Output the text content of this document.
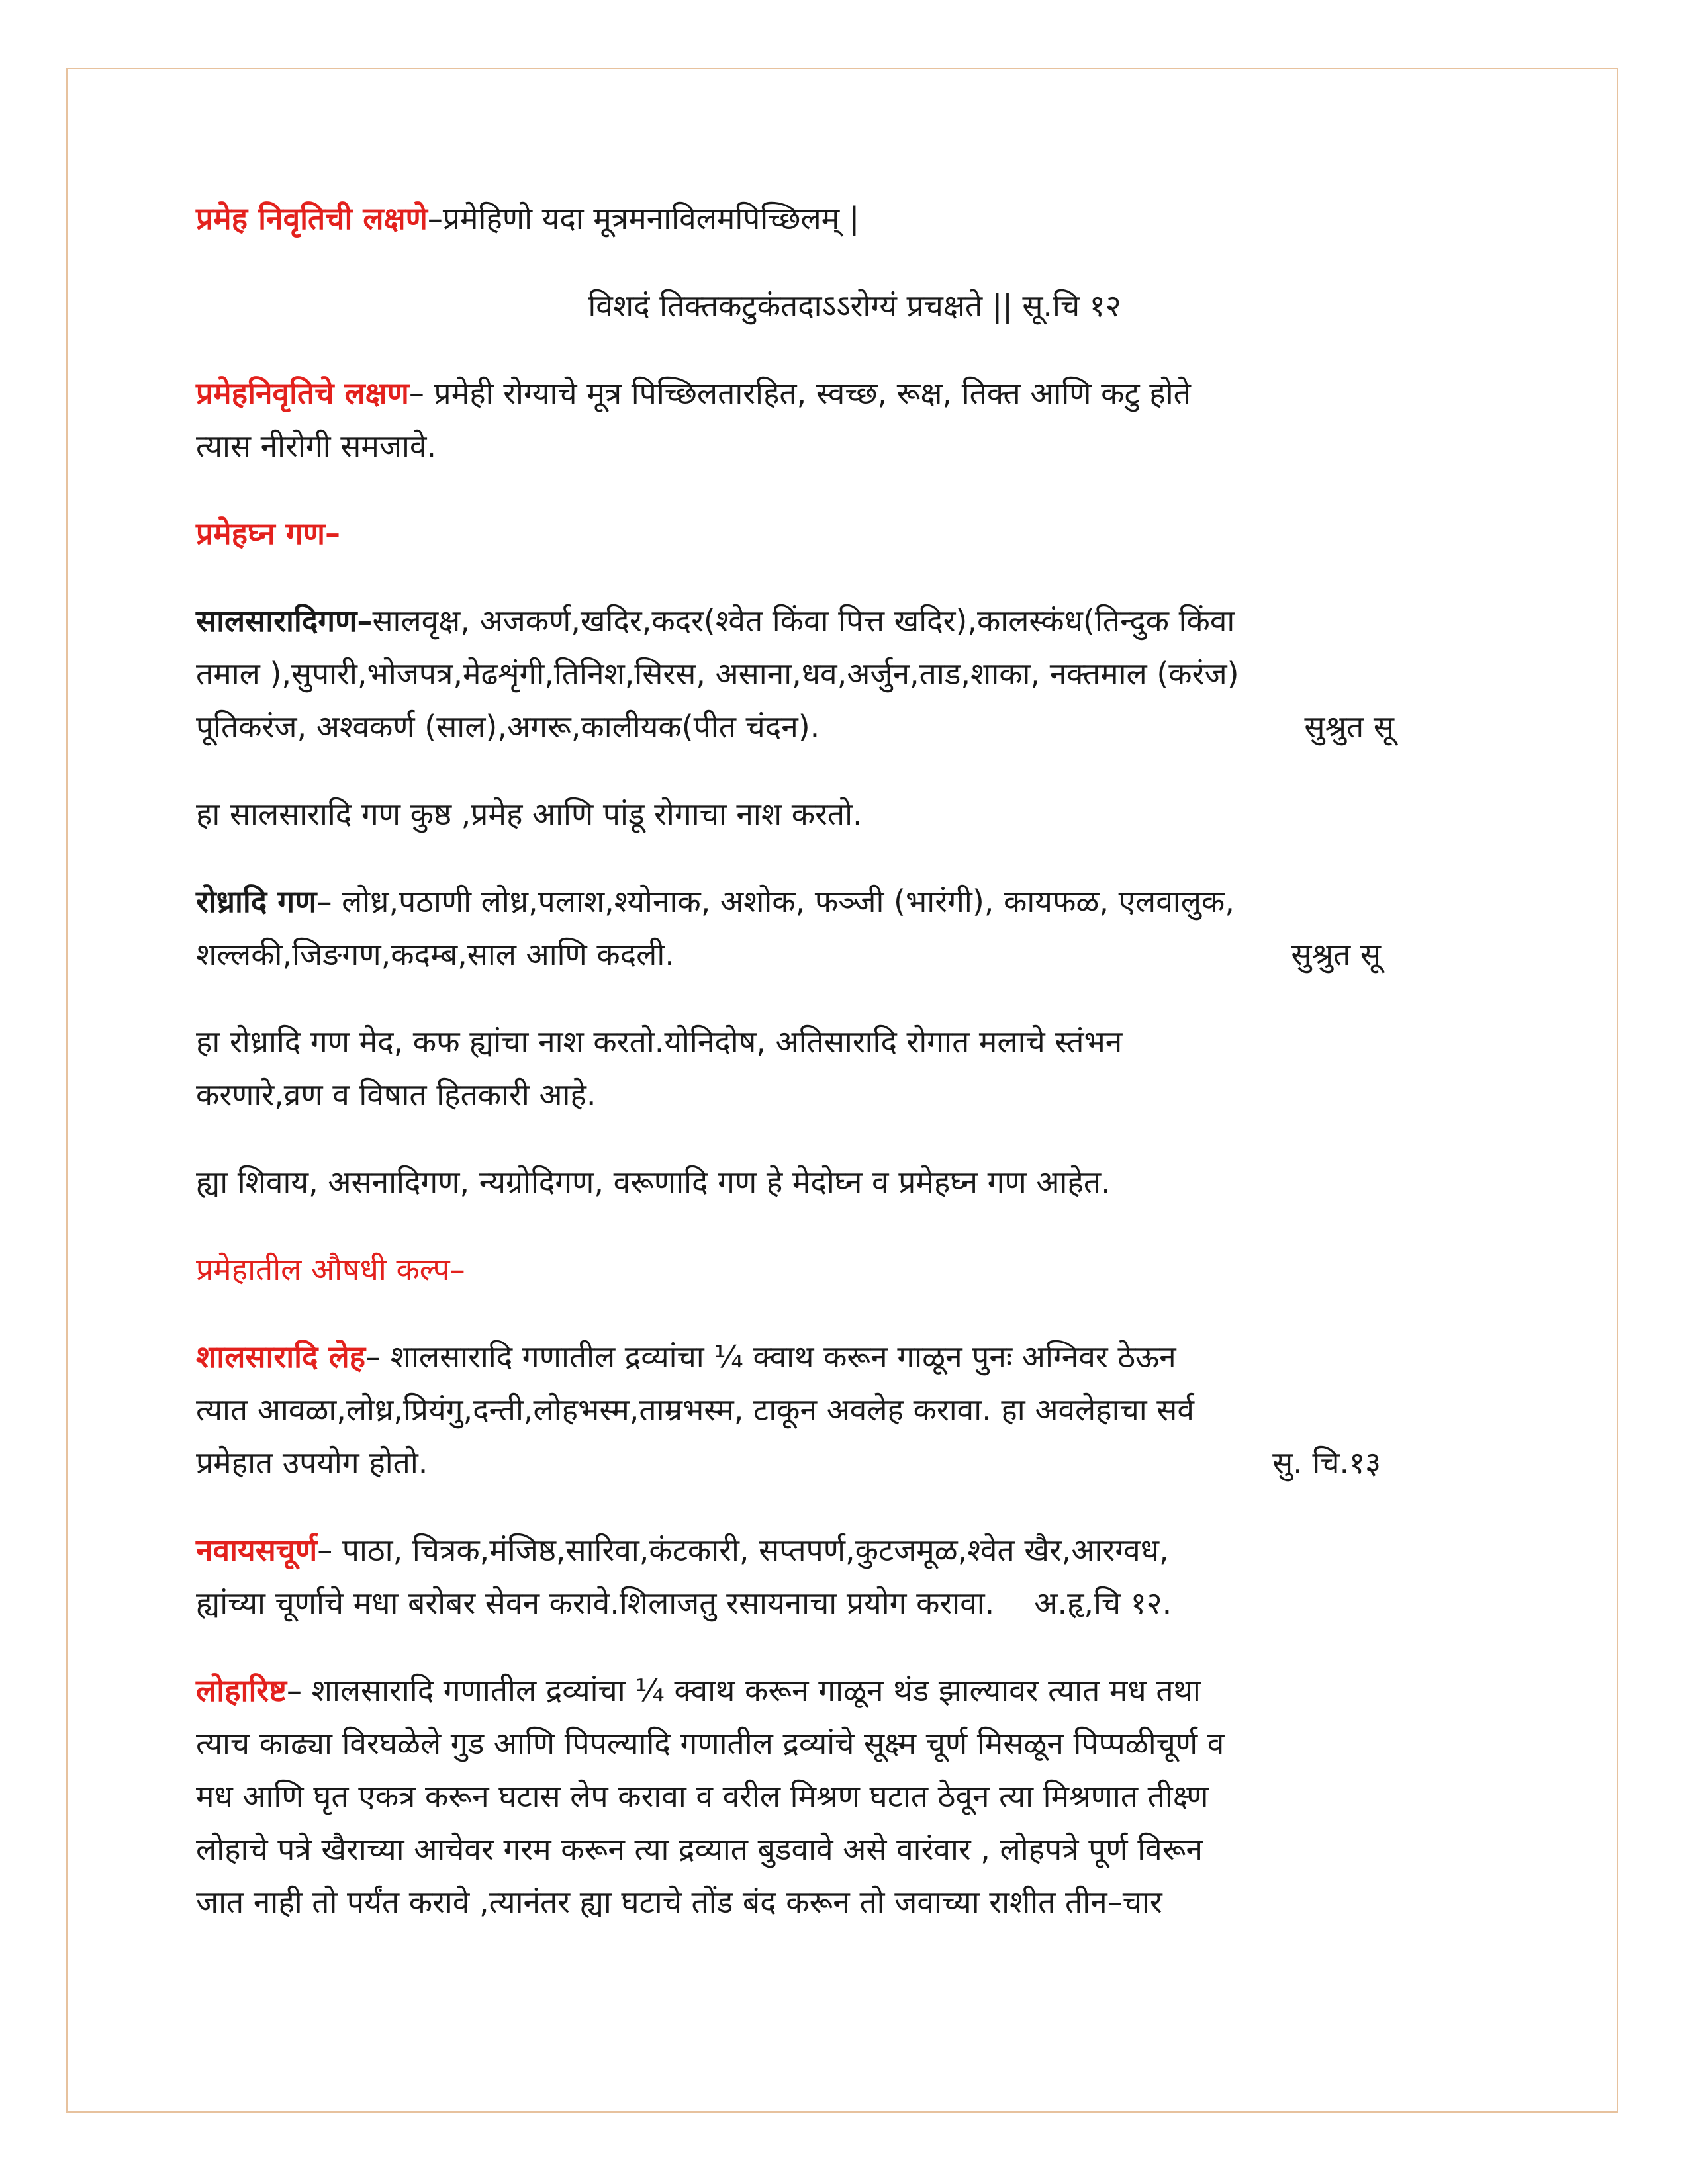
प्रमेह निवृतिची लक्षणे–प्रमेहिणो यदा मूत्रमनाविलमपिच्छिलम् |

विशदं तिक्तकटुकंतदाऽऽरोग्यं प्रचक्षते || सू.चि १२

प्रमेहनिवृतिचे लक्षण– प्रमेही रोग्याचे मूत्र पिच्छिलतारहित, स्वच्छ, रूक्ष, तिक्त आणि कटु होते
त्यास नीरोगी समजावे.

प्रमेहघ्न गण–

सालसारादिगण–सालवृक्ष, अजकर्ण,खदिर,कदर(श्वेत किंवा पित्त खदिर),कालस्कंध(तिन्दुक किंवा
तमाल ),सुपारी,भोजपत्र,मेढशृंगी,तिनिश,सिरस, असाना,धव,अर्जुन,ताड,शाका, नक्तमाल (करंज)
पूतिकरंज, अश्वकर्ण (साल),अगरू,कालीयक(पीत चंदन).	सुश्रुत सू

हा सालसारादि गण कुष्ठ ,प्रमेह आणि पांडू रोगाचा नाश करतो.

रोध्रादि गण– लोध्र,पठाणी लोध्र,पलाश,श्योनाक, अशोक, फञ्जी (भारंगी), कायफळ, एलवालुक,
शल्लकी,जिङगण,कदम्ब,साल आणि कदली.	सुश्रुत सू

हा रोध्रादि गण मेद, कफ ह्यांचा नाश करतो.योनिदोष, अतिसारादि रोगात मलाचे स्तंभन
करणारे,व्रण व विषात हितकारी आहे.

ह्या शिवाय, असनादिगण, न्यग्रोदिगण, वरूणादि गण हे मेदोघ्न व प्रमेहघ्न गण आहेत.

प्रमेहातील औषधी कल्प–

शालसारादि लेह– शालसारादि गणातील द्रव्यांचा ¼ क्वाथ करून गाळून पुनः अग्निवर ठेऊन
त्यात आवळा,लोध्र,प्रियंगु,दन्ती,लोहभस्म,ताम्रभस्म, टाकून अवलेह करावा. हा अवलेहाचा सर्व
प्रमेहात उपयोग होतो.	सु. चि.१३

नवायसचूर्ण– पाठा, चित्रक,मंजिष्ठ,सारिवा,कंटकारी, सप्तपर्ण,कुटजमूळ,श्वेत खैर,आरग्वध,
ह्यांच्या चूर्णाचे मधा बरोबर सेवन करावे.शिलाजतु रसायनाचा प्रयोग करावा. अ.हृ,चि १२.

लोहारिष्ट– शालसारादि गणातील द्रव्यांचा ¼ क्वाथ करून गाळून थंड झाल्यावर त्यात मध तथा
त्याच काढ्या विरघळेले गुड आणि पिपल्यादि गणातील द्रव्यांचे सूक्ष्म चूर्ण मिसळून पिप्पळीचूर्ण व
मध आणि घृत एकत्र करून घटास लेप करावा व वरील मिश्रण घटात ठेवून त्या मिश्रणात तीक्ष्ण
लोहाचे पत्रे खैराच्या आचेवर गरम करून त्या द्रव्यात बुडवावे असे वारंवार , लोहपत्रे पूर्ण विरून
जात नाही तो पर्यंत करावे ,त्यानंतर ह्या घटाचे तोंड बंद करून तो जवाच्या राशीत तीन–चार
